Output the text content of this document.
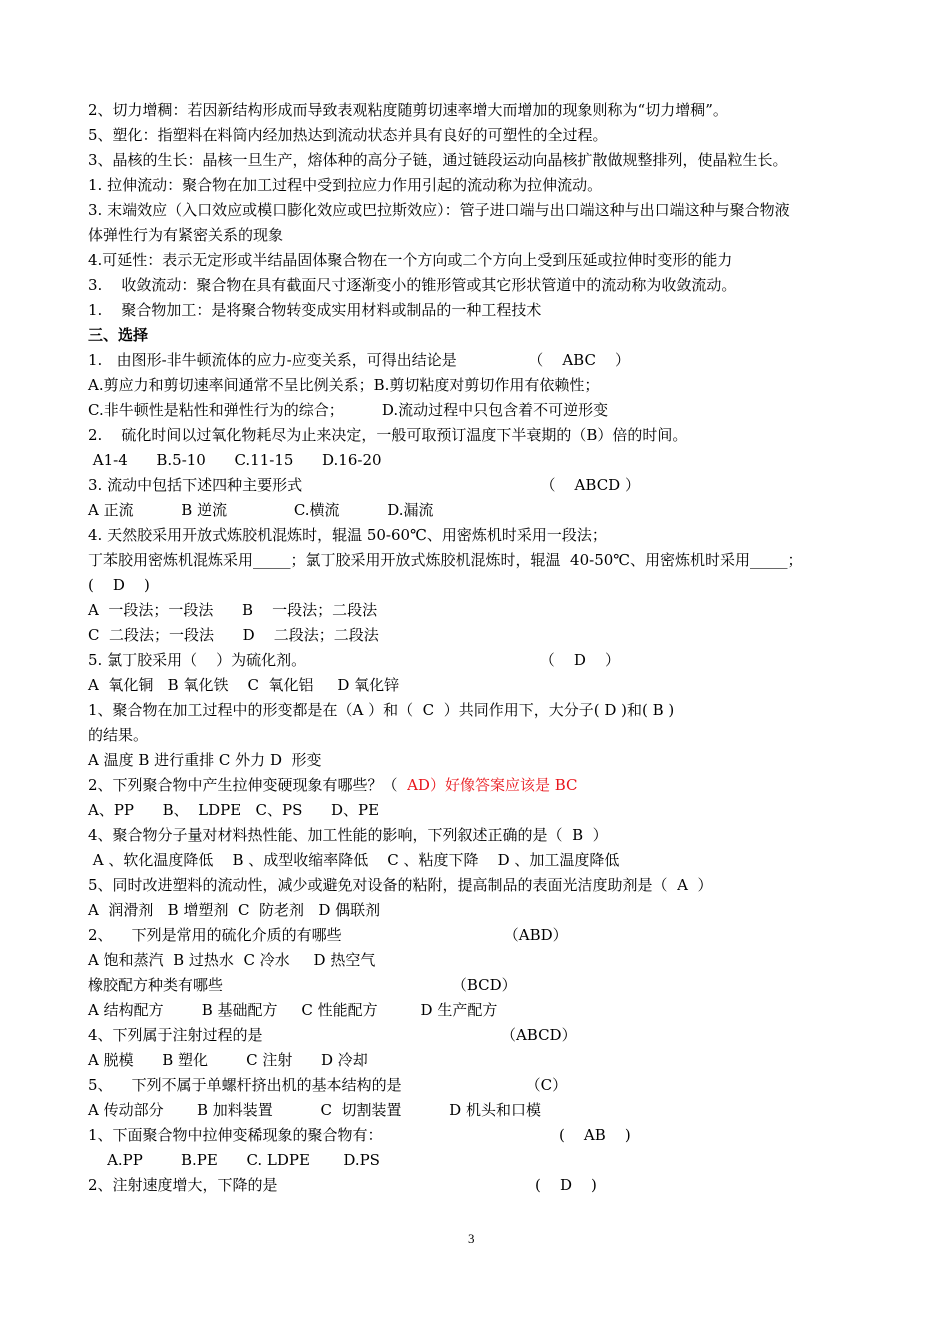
2、切力增稠：若因新结构形成而导致表观粘度随剪切速率增大而增加的现象则称为“切力增稠”。
5、塑化：指塑料在料筒内经加热达到流动状态并具有良好的可塑性的全过程。
3、晶核的生长：晶核一旦生产，熔体种的高分子链，通过链段运动向晶核扩散做规整排列，使晶粒生长。
1. 拉伸流动：聚合物在加工过程中受到拉应力作用引起的流动称为拉伸流动。
3. 末端效应（入口效应或模口膨化效应或巴拉斯效应）：管子进口端与出口端这种与出口端这种与聚合物液
体弹性行为有紧密关系的现象
4.可延性：表示无定形或半结晶固体聚合物在一个方向或二个方向上受到压延或拉伸时变形的能力
3.    收敛流动：聚合物在具有截面尺寸逐渐变小的锥形管或其它形状管道中的流动称为收敛流动。
1.    聚合物加工：是将聚合物转变成实用材料或制品的一种工程技术
三、选择
1.   由图形-非牛顿流体的应力-应变关系，可得出结论是               （    ABC    ）
A.剪应力和剪切速率间通常不呈比例关系；B.剪切粘度对剪切作用有依赖性；
C.非牛顿性是粘性和弹性行为的综合；        D.流动过程中只包含着不可逆形变
2.    硫化时间以过氧化物耗尽为止来决定，一般可取预订温度下半衰期的（B）倍的时间。
A1-4      B.5-10      C.11-15      D.16-20
3. 流动中包括下述四种主要形式                                                  （    ABCD ）
A 正流          B 逆流              C.横流          D.漏流
4. 天然胶采用开放式炼胶机混炼时，辊温 50-60℃、用密炼机时采用一段法；
丁苯胶用密炼机混炼采用_____；氯丁胶采用开放式炼胶机混炼时，辊温  40-50℃、用密炼机时采用_____；
(    D    )
A  一段法；一段法      B    一段法；二段法
C  二段法；一段法      D    二段法；二段法
5. 氯丁胶采用（    ）为硫化剂。                                                 （    D    ）
A  氧化铜   B 氧化铁    C  氧化铝     D 氧化锌
1、聚合物在加工过程中的形变都是在（A ）和（  C  ）共同作用下，大分子( D )和( B )
的结果。
A 温度 B 进行重排 C 外力 D  形变
2、下列聚合物中产生拉伸变硬现象有哪些？（  AD）好像答案应该是 BC
A、PP      B、  LDPE   C、PS      D、PE
4、聚合物分子量对材料热性能、加工性能的影响，下列叙述正确的是（  B  ）
A 、软化温度降低    B 、成型收缩率降低    C 、粘度下降    D 、加工温度降低
5、同时改进塑料的流动性，减少或避免对设备的粘附，提高制品的表面光洁度助剂是（  A  ）
A  润滑剂   B 增塑剂  C  防老剂   D 偶联剂
2、    下列是常用的硫化介质的有哪些                                  （ABD）
A 饱和蒸汽  B 过热水  C 冷水     D 热空气
橡胶配方种类有哪些                                                （BCD）
A 结构配方        B 基础配方     C 性能配方         D 生产配方
4、下列属于注射过程的是                                                  （ABCD）
A 脱模      B 塑化        C 注射      D 冷却
5、    下列不属于单螺杆挤出机的基本结构的是                          （C）
A 传动部分       B 加料装置          C  切割装置          D 机头和口模
1、下面聚合物中拉伸变稀现象的聚合物有：                                     (    AB    )
A.PP        B.PE      C. LDPE       D.PS
2、注射速度增大，下降的是                                                      (    D    )
3
